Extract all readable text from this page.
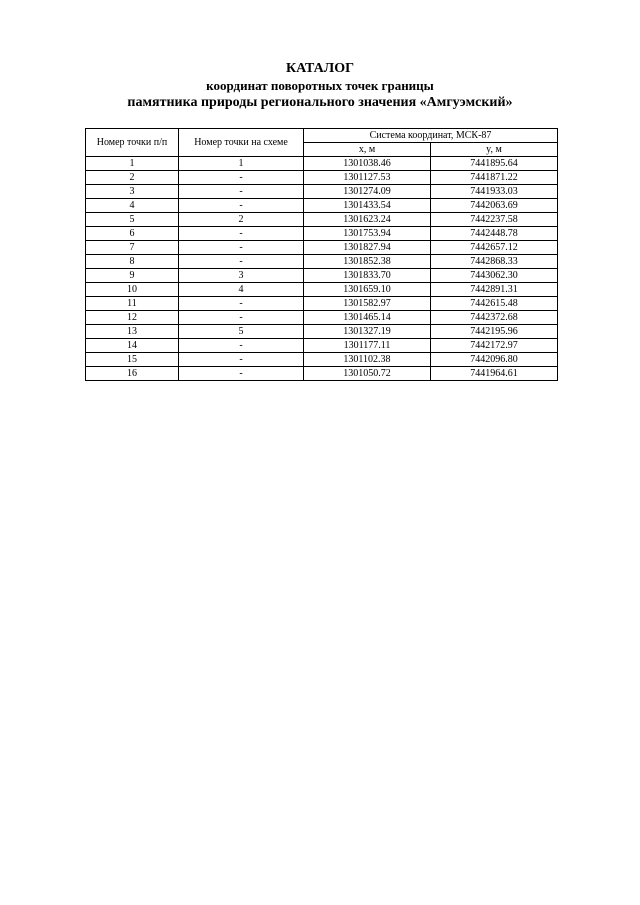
КАТАЛОГ
координат поворотных точек границы
памятника природы регионального значения «Амгуэмский»
Номер точки п/п	Номер точки на схеме	Система координат, МСК-87	
		x, м	y, м
1	1	1301038.46	7441895.64
2	-	1301127.53	7441871.22
3	-	1301274.09	7441933.03
4	-	1301433.54	7442063.69
5	2	1301623.24	7442237.58
6	-	1301753.94	7442448.78
7	-	1301827.94	7442657.12
8	-	1301852.38	7442868.33
9	3	1301833.70	7443062.30
10	4	1301659.10	7442891.31
11	-	1301582.97	7442615.48
12	-	1301465.14	7442372.68
13	5	1301327.19	7442195.96
14	-	1301177.11	7442172.97
15	-	1301102.38	7442096.80
16	-	1301050.72	7441964.61
